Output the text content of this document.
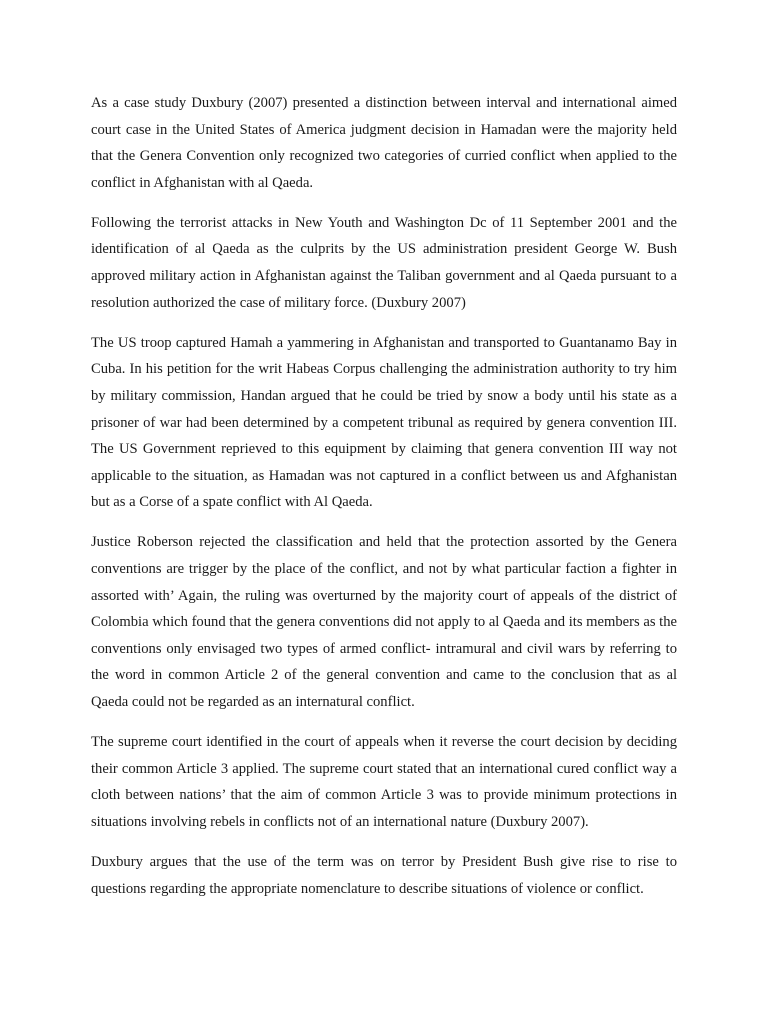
As a case study Duxbury (2007) presented a distinction between interval and international aimed court case in the United States of America judgment decision in Hamadan were the majority held that the Genera Convention only recognized two categories of curried conflict when applied to the conflict in Afghanistan with al Qaeda.

Following the terrorist attacks in New Youth and Washington Dc of 11 September 2001 and the identification of al Qaeda as the culprits by the US administration president George W. Bush approved military action in Afghanistan against the Taliban government and al Qaeda pursuant to a resolution authorized the case of military force. (Duxbury 2007)

The US troop captured Hamah a yammering in Afghanistan and transported to Guantanamo Bay in Cuba. In his petition for the writ Habeas Corpus challenging the administration authority to try him by military commission, Handan argued that he could be tried by snow a body until his state as a prisoner of war had been determined by a competent tribunal as required by genera convention III. The US Government reprieved to this equipment by claiming that genera convention III way not applicable to the situation, as Hamadan was not captured in a conflict between us and Afghanistan but as a Corse of a spate conflict with Al Qaeda.

Justice Roberson rejected the classification and held that the protection assorted by the Genera conventions are trigger by the place of the conflict, and not by what particular faction a fighter in assorted with’ Again, the ruling was overturned by the majority court of appeals of the district of Colombia which found that the genera conventions did not apply to al Qaeda and its members as the conventions only envisaged two types of armed conflict- intramural and civil wars by referring to the word in common Article 2 of the general convention and came to the conclusion that as al Qaeda could not be regarded as an internatural conflict.

The supreme court identified in the court of appeals when it reverse the court decision by deciding their common Article 3 applied. The supreme court stated that an international cured conflict way a cloth between nations’ that the aim of common Article 3 was to provide minimum protections in situations involving rebels in conflicts not of an international nature (Duxbury 2007).

Duxbury argues that the use of the term was on terror by President Bush give rise to rise to questions regarding the appropriate nomenclature to describe situations of violence or conflict.
